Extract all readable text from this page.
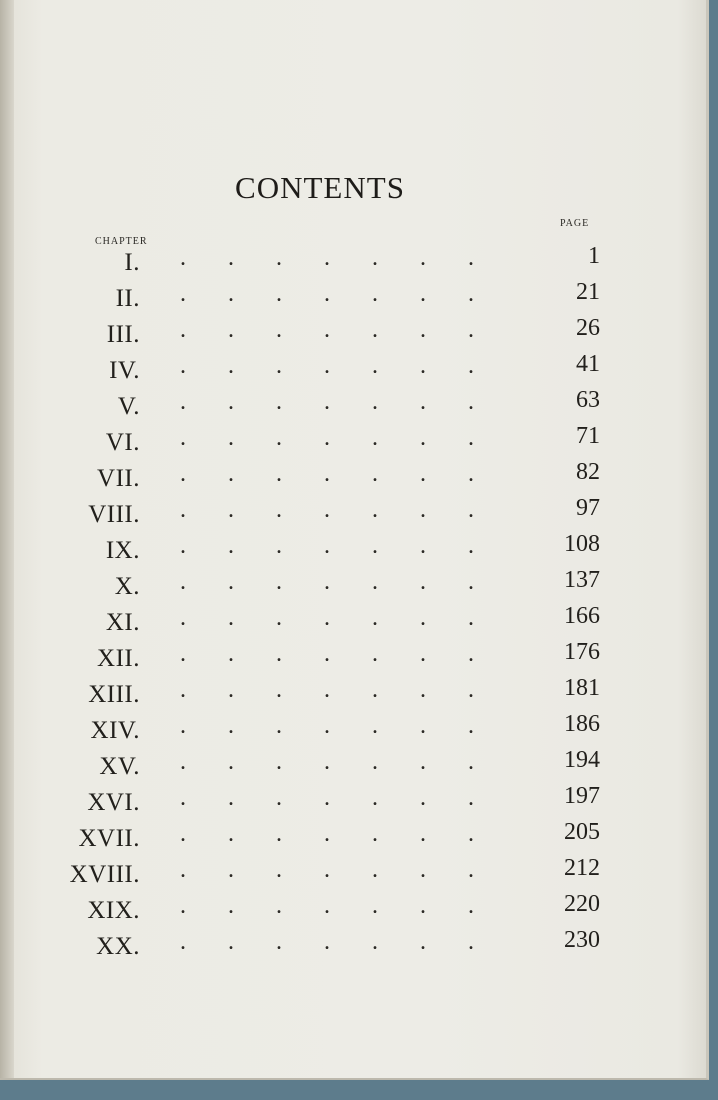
CONTENTS
PAGE
CHAPTER
I. .       .       .       .       .       .       .	1
II. .       .       .       .       .       .       .	21
III. .       .       .       .       .       .       .	26
IV. .       .       .       .       .       .       .	41
V. .       .       .       .       .       .       .	63
VI. .       .       .       .       .       .       .	71
VII. .       .       .       .       .       .       .	82
VIII. .       .       .       .       .       .       .	97
IX. .       .       .       .       .       .       .	108
X. .       .       .       .       .       .       .	137
XI. .       .       .       .       .       .       .	166
XII. .       .       .       .       .       .       .	176
XIII. .       .       .       .       .       .       .	181
XIV. .       .       .       .       .       .       .	186
XV. .       .       .       .       .       .       .	194
XVI. .       .       .       .       .       .       .	197
XVII. .       .       .       .       .       .       .	205
XVIII. .       .       .       .       .       .       .	212
XIX. .       .       .       .       .       .       .	220
XX. .       .       .       .       .       .       .	230
